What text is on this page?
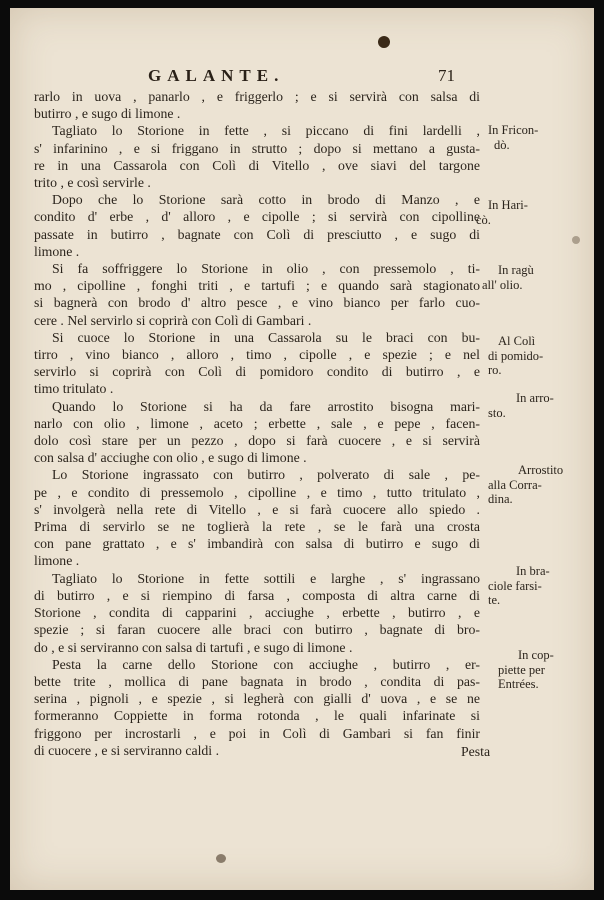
GALANTE.	71
rarlo in uova , panarlo , e friggerlo ; e si servirà con salsa di
butirro , e sugo di limone .
Tagliato lo Storione in fette , si piccano di fini lardelli ,
s' infarinino , e si friggano in strutto ; dopo si mettano a gusta-
re in una Cassarola con Colì di Vitello , ove siavi del targone
trito , e così servirle .
Dopo che lo Storione sarà cotto in brodo di Manzo , e
condito d' erbe , d' alloro , e cipolle ; si servirà con cipolline
passate in butirro , bagnate con Colì di presciutto , e sugo di
limone .
Si fa soffriggere lo Storione in olio , con pressemolo , ti-
mo , cipolline , fonghi triti , e tartufi ; e quando sarà stagionato
si bagnerà con brodo d' altro pesce , e vino bianco per farlo cuo-
cere . Nel servirlo si coprirà con Colì di Gambari .
Si cuoce lo Storione in una Cassarola su le braci con bu-
tirro , vino bianco , alloro , timo , cipolle , e spezie ; e nel
servirlo si coprirà con Colì di pomidoro condito di butirro , e
timo tritulato .
Quando lo Storione si ha da fare arrostito bisogna mari-
narlo con olio , limone , aceto ; erbette , sale , e pepe , facen-
dolo così stare per un pezzo , dopo si farà cuocere , e si servirà
con salsa d' acciughe con olio , e sugo di limone .
Lo Storione ingrassato con butirro , polverato di sale , pe-
pe , e condito di pressemolo , cipolline , e timo , tutto tritulato ,
s' involgerà nella rete di Vitello , e si farà cuocere allo spiedo .
Prima di servirlo se ne toglierà la rete , se le farà una crosta
con pane grattato , e s' imbandirà con salsa di butirro e sugo di
limone .
Tagliato lo Storione in fette sottili e larghe , s' ingrassano
di butirro , e si riempino di farsa , composta di altra carne di
Storione , condita di capparini , acciughe , erbette , butirro , e
spezie ; si faran cuocere alle braci con butirro , bagnate di bro-
do , e si serviranno con salsa di tartufi , e sugo di limone .
Pesta la carne dello Storione con acciughe , butirro , er-
bette trite , mollica di pane bagnata in brodo , condita di pas-
serina , pignoli , e spezie , si legherà con gialli d' uova , e se ne
formeranno Coppiette in forma rotonda , le quali infarinate si
friggono per incrostarli , e poi in Colì di Gambari si fan finir
di cuocere , e si serviranno caldi .
In Fricon-
dò.
In Hari-
cò.
In ragù
all' olio.
Al Colì
di pomido-
ro.
In arro-
sto.
Arrostito
alla Corra-
dina.
In bra-
ciole farsi-
te.
In cop-
piette per
Entrées.
Pesta
